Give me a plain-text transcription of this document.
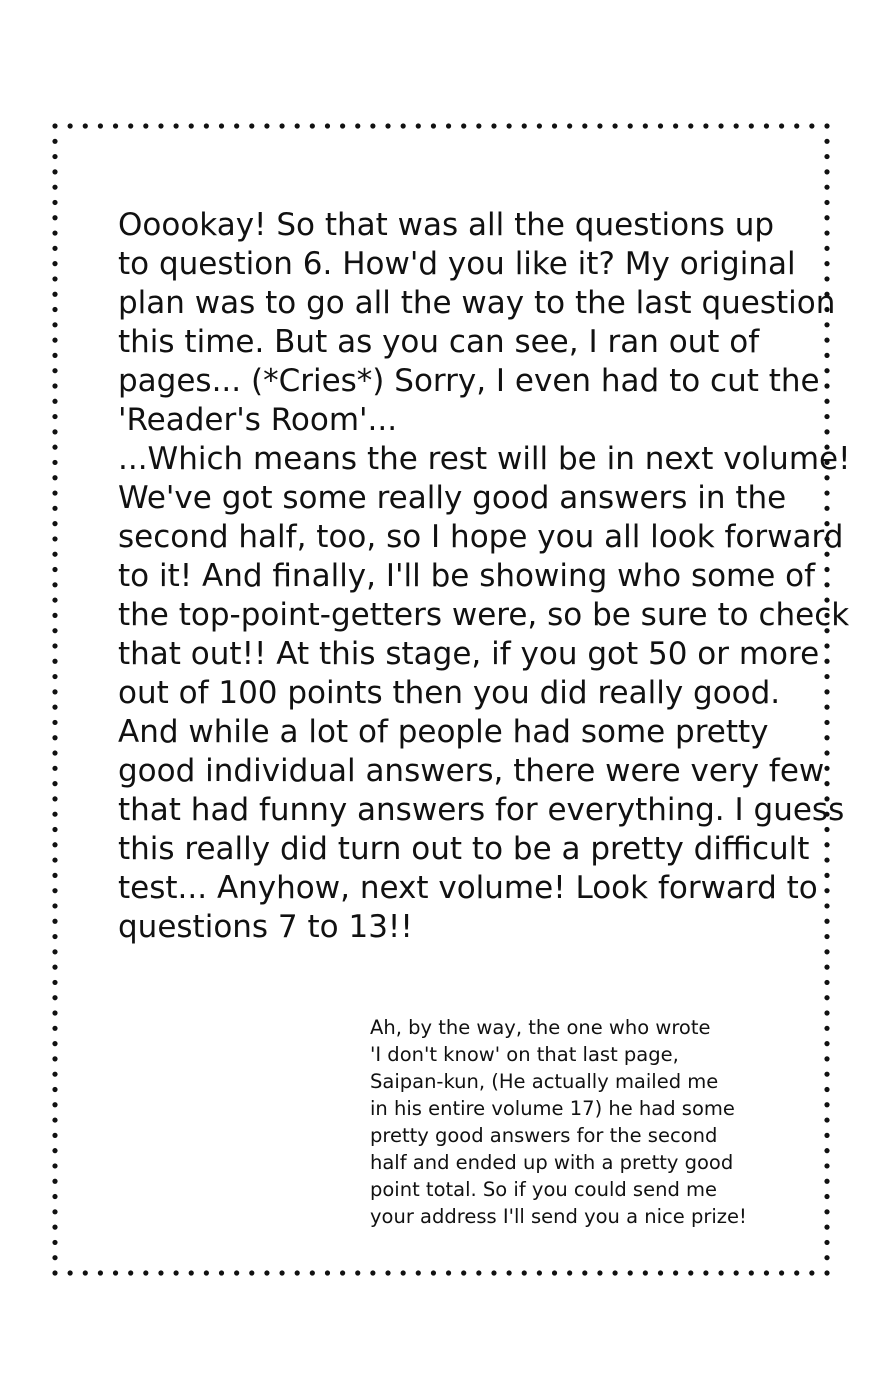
Ooookay! So that was all the questions up
to question 6. How'd you like it? My original
plan was to go all the way to the last question
this time. But as you can see, I ran out of
pages... (*Cries*) Sorry, I even had to cut the
'Reader's Room'...

...Which means the rest will be in next volume!
We've got some really good answers in the
second half, too, so I hope you all look forward
to it! And finally, I'll be showing who some of
the top-point-getters were, so be sure to check
that out!! At this stage, if you got 50 or more
out of 100 points then you did really good.

And while a lot of people had some pretty
good individual answers, there were very few
that had funny answers for everything. I guess
this really did turn out to be a pretty difficult
test... Anyhow, next volume! Look forward to
questions 7 to 13!!

Ah, by the way, the one who wrote
'I don't know' on that last page,
Saipan-kun, (He actually mailed me
in his entire volume 17) he had some
pretty good answers for the second
half and ended up with a pretty good
point total. So if you could send me
your address I'll send you a nice prize!
